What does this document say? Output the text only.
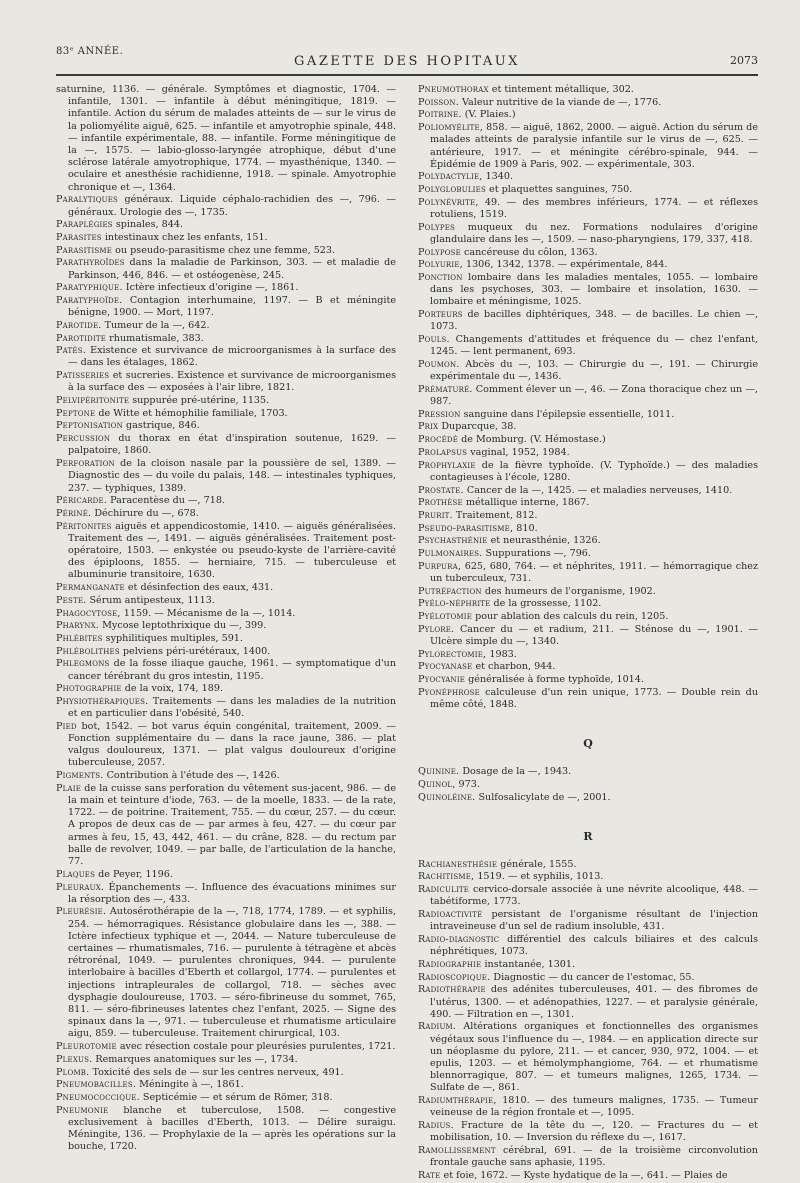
83ᵉ ANNÉE.
GAZETTE DES HOPITAUX	2073

saturnine, 1136. — générale. Symptômes et diagnostic, 1704. — infantile, 1301. — infantile à début méningitique, 1819. — infantile. Action du sérum de malades atteints de — sur le virus de la poliomyélite aiguë, 625. — infantile et amyotrophie spinale, 448. — infantile expérimentale, 88. — infantile. Forme méningitique de la —, 1575. — labio-glosso-laryngée atrophique, début d'une sclérose latérale amyotrophique, 1774. — myasthénique, 1340. — oculaire et anesthésie rachidienne, 1918. — spinale. Amyotrophie chronique et —, 1364.

Paralytiques généraux. Liquide céphalo-rachidien des —, 796. — généraux. Urologie des —, 1735.

Paraplégies spinales, 844.

Parasites intestinaux chez les enfants, 151.

Parasitisme ou pseudo-parasitisme chez une femme, 523.

Parathyroïdes dans la maladie de Parkinson, 303. — et maladie de Parkinson, 446, 846. — et ostéogenèse, 245.

Paratyphique. Ictère infectieux d'origine —, 1861.

Paratyphoïde. Contagion interhumaine, 1197. — B et méningite bénigne, 1900. — Mort, 1197.

Parotide. Tumeur de la —, 642.

Parotidite rhumatismale, 383.

Patés. Existence et survivance de microorganismes à la surface des — dans les étalages, 1862.

Patisseries et sucreries. Existence et survivance de microorganismes à la surface des — exposées à l'air libre, 1821.

Pelvipéritonite suppurée pré-utérine, 1135.

Peptone de Witte et hémophilie familiale, 1703.

Peptonisation gastrique, 846.

Percussion du thorax en état d'inspiration soutenue, 1629. — palpatoire, 1860.

Perforation de la cloison nasale par la poussière de sel, 1389. — Diagnostic des — du voile du palais, 148. — intestinales typhiques, 237. — typhiques, 1389.

Péricarde. Paracentèse du —, 718.

Périné. Déchirure du —, 678.

Péritonites aiguës et appendicostomie, 1410. — aiguës généralisées. Traitement des —, 1491. — aiguës généralisées. Traitement post-opératoire, 1503. — enkystée ou pseudo-kyste de l'arrière-cavité des épiploons, 1855. — herniaire, 715. — tuberculeuse et albuminurie transitoire, 1630.

Permanganate et désinfection des eaux, 431.

Peste. Sérum antipesteux, 1113.

Phagocytose, 1159. — Mécanisme de la —, 1014.

Pharynx. Mycose leptothrixique du —, 399.

Phlébites syphilitiques multiples, 591.

Phlébolithes pelviens péri-urétéraux, 1400.

Phlegmons de la fosse iliaque gauche, 1961. — symptomatique d'un cancer térébrant du gros intestin, 1195.

Photographie de la voix, 174, 189.

Physiothérapiques. Traitements — dans les maladies de la nutrition et en particulier dans l'obésité, 540.

Pied bot, 1542. — bot varus équin congénital, traitement, 2009. — Fonction supplémentaire du — dans la race jaune, 386. — plat valgus douloureux, 1371. — plat valgus douloureux d'origine tuberculeuse, 2057.

Pigments. Contribution à l'étude des —, 1426.

Plaie de la cuisse sans perforation du vêtement sus-jacent, 986. — de la main et teinture d'iode, 763. — de la moelle, 1833. — de la rate, 1722. — de poitrine. Traitement, 755. — du cœur, 257. — du cœur. A propos de deux cas de — par armes à feu, 427. — du cœur par armes à feu, 15, 43, 442, 461. — du crâne, 828. — du rectum par balle de revolver, 1049. — par balle, de l'articulation de la hanche, 77.

Plaques de Peyer, 1196.

Pleuraux. Épanchements —. Influence des évacuations minimes sur la résorption des —, 433.

Pleurésie. Autosérothérapie de la —, 718, 1774, 1789. — et syphilis, 254. — hémorragiques. Résistance globulaire dans les —, 388. — Ictère infectieux typhique et —, 2044. — Nature tuberculeuse de certaines — rhumatismales, 716. — purulente à tétragène et abcès rétrorénal, 1049. — purulentes chroniques, 944. — purulente interlobaire à bacilles d'Eberth et collargol, 1774. — purulentes et injections intrapleurales de collargol, 718. — sèches avec dysphagie douloureuse, 1703. — séro-fibrineuse du sommet, 765, 811. — séro-fibrineuses latentes chez l'enfant, 2025. — Signe des spinaux dans la —, 971. — tuberculeuse et rhumatisme articulaire aigu, 859. — tuberculeuse. Traitement chirurgical, 103.

Pleurotomie avec résection costale pour pleurésies purulentes, 1721.

Plexus. Remarques anatomiques sur les —, 1734.

Plomb. Toxicité des sels de — sur les centres nerveux, 491.

Pneumobacilles. Méningite à —, 1861.

Pneumococcique. Septicémie — et sérum de Römer, 318.

Pneumonie blanche et tuberculose, 1508. — congestive exclusivement à bacilles d'Eberth, 1013. — Délire suraigu. Méningite, 136. — Prophylaxie de la — après les opérations sur la bouche, 1720.

Pneumothorax et tintement métallique, 302.

Poisson. Valeur nutritive de la viande de —, 1776.

Poitrine. (V. Plaies.)

Poliomyélite, 858. — aiguë, 1862, 2000. — aiguë. Action du sérum de malades atteints de paralysie infantile sur le virus de —, 625. — antérieure, 1917. — et méningite cérébro-spinale, 944. — Épidémie de 1909 à Paris, 902. — expérimentale, 303.

Polydactylie, 1340.

Polyglobulies et plaquettes sanguines, 750.

Polynévrite, 49. — des membres inférieurs, 1774. — et réflexes rotuliens, 1519.

Polypes muqueux du nez. Formations nodulaires d'origine glandulaire dans les —, 1509. — naso-pharyngiens, 179, 337, 418.

Polypose cancéreuse du côlon, 1363.

Polyurie, 1306, 1342, 1378. — expérimentale, 844.

Ponction lombaire dans les maladies mentales, 1055. — lombaire dans les psychoses, 303. — lombaire et insolation, 1630. — lombaire et méningisme, 1025.

Porteurs de bacilles diphtériques, 348. — de bacilles. Le chien —, 1073.

Pouls. Changements d'attitudes et fréquence du — chez l'enfant, 1245. — lent permanent, 693.

Poumon. Abcès du —, 103. — Chirurgie du —, 191. — Chirurgie expérimentale du —, 1436.

Prématuré. Comment élever un —, 46. — Zona thoracique chez un —, 987.

Pression sanguine dans l'épilepsie essentielle, 1011.

Prix Duparcque, 38.

Procédé de Momburg. (V. Hémostase.)

Prolapsus vaginal, 1952, 1984.

Prophylaxie de la fièvre typhoïde. (V. Typhoïde.) — des maladies contagieuses à l'école, 1280.

Prostate. Cancer de la —, 1425. — et maladies nerveuses, 1410.

Prothèse métallique interne, 1867.

Prurit. Traitement, 812.

Pseudo-parasitisme, 810.

Psychasthénie et neurasthénie, 1326.

Pulmonaires. Suppurations —, 796.

Purpura, 625, 680, 764. — et néphrites, 1911. — hémorragique chez un tuberculeux, 731.

Putréfaction des humeurs de l'organisme, 1902.

Pyélo-néphrite de la grossesse, 1102.

Pyélotomie pour ablation des calculs du rein, 1205.

Pylore. Cancer du — et radium, 211. — Sténose du —, 1901. — Ulcère simple du —, 1340.

Pylorectomie, 1983.

Pyocyanase et charbon, 944.

Pyocyanie généralisée à forme typhoïde, 1014.

Pyonéphrose calculeuse d'un rein unique, 1773. — Double rein du même côté, 1848.

Q

Quinine. Dosage de la —, 1943.

Quinol, 973.

Quinoléine. Sulfosalicylate de —, 2001.

R

Rachianesthésie générale, 1555.

Rachitisme, 1519. — et syphilis, 1013.

Radiculite cervico-dorsale associée à une névrite alcoolique, 448. — tabétiforme, 1773.

Radioactivité persistant de l'organisme résultant de l'injection intraveineuse d'un sel de radium insoluble, 431.

Radio-diagnostic différentiel des calculs biliaires et des calculs néphrétiques, 1073.

Radiographie instantanée, 1301.

Radioscopique. Diagnostic — du cancer de l'estomac, 55.

Radiothérapie des adénites tuberculeuses, 401. — des fibromes de l'utérus, 1300. — et adénopathies, 1227. — et paralysie générale, 490. — Filtration en —, 1301.

Radium. Altérations organiques et fonctionnelles des organismes végétaux sous l'influence du —, 1984. — en application directe sur un néoplasme du pylore, 211. — et cancer, 930, 972, 1004. — et epulis, 1203. — et hémolymphangiome, 764. — et rhumatisme blennorragique, 807. — et tumeurs malignes, 1265, 1734. — Sulfate de —, 861.

Radiumthérapie, 1810. — des tumeurs malignes, 1735. — Tumeur veineuse de la région frontale et —, 1095.

Radius. Fracture de la tête du —, 120. — Fractures du — et mobilisation, 10. — Inversion du réflexe du —, 1617.

Ramollissement cérébral, 691. — de la troisième circonvolution frontale gauche sans aphasie, 1195.

Rate et foie, 1672. — Kyste hydatique de la —, 641. — Plaies de
